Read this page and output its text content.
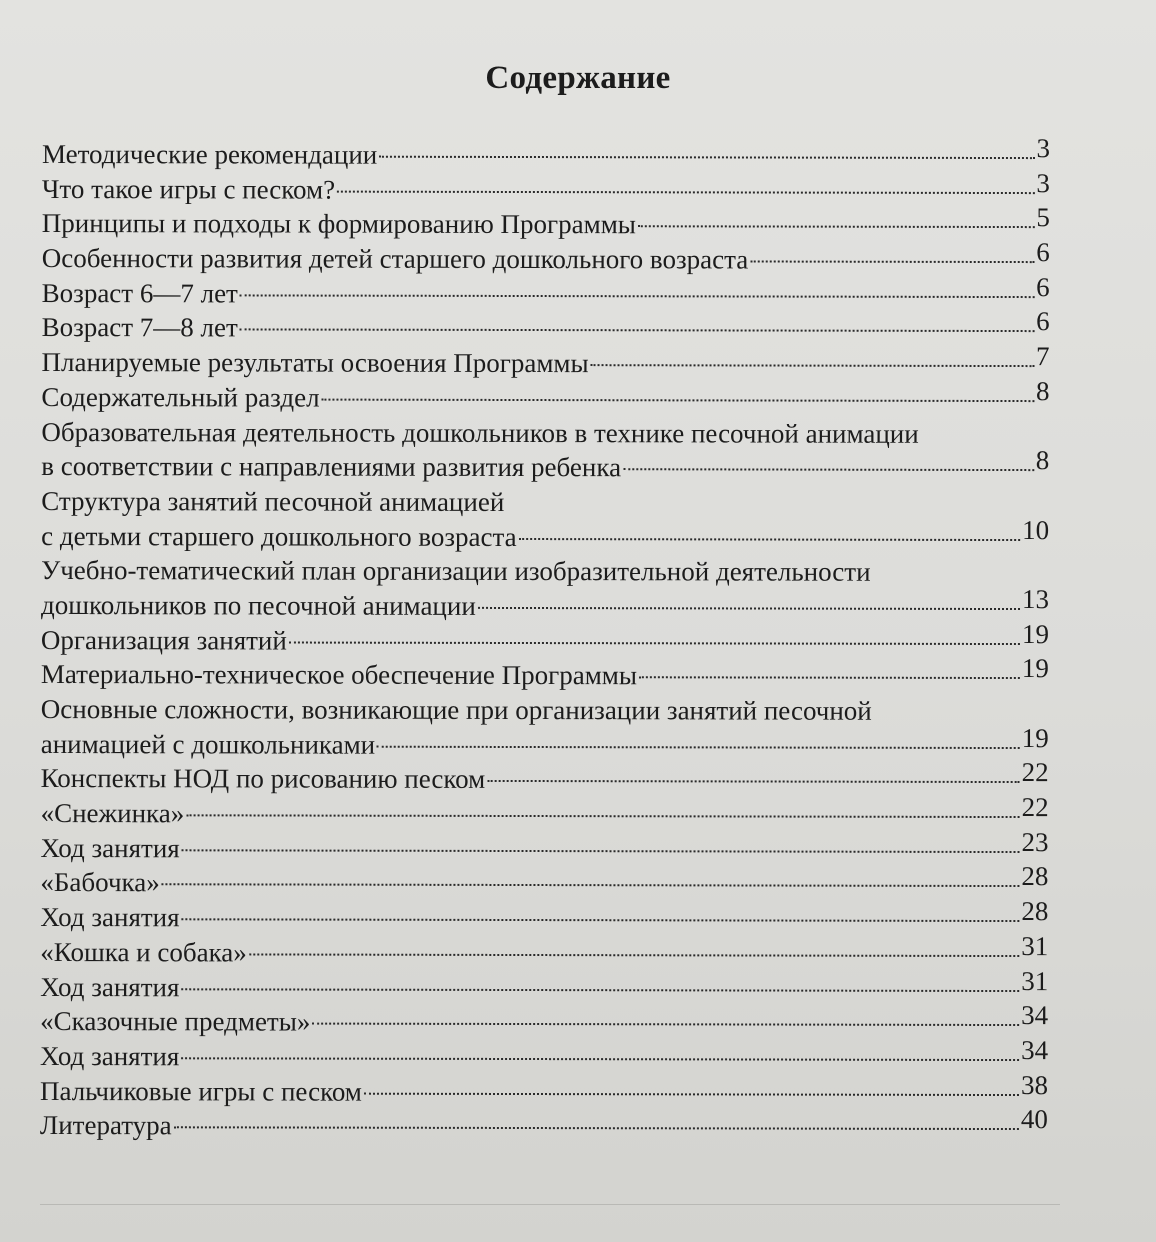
Содержание
Методические рекомендации	3
Что такое игры с песком?	3
Принципы и подходы к формированию Программы	5
Особенности развития детей старшего дошкольного возраста	6
Возраст 6—7 лет	6
Возраст 7—8 лет	6
Планируемые результаты освоения Программы	7
Содержательный раздел	8
Образовательная деятельность дошкольников в технике песочной анимации
в соответствии с направлениями развития ребенка	8
Структура занятий песочной анимацией
с детьми старшего дошкольного возраста	10
Учебно-тематический план организации изобразительной деятельности
дошкольников по песочной анимации	13
Организация занятий	19
Материально-техническое обеспечение Программы	19
Основные сложности, возникающие при организации занятий песочной
анимацией с дошкольниками	19
Конспекты НОД по рисованию песком	22
«Снежинка»	22
Ход занятия	23
«Бабочка»	28
Ход занятия	28
«Кошка и собака»	31
Ход занятия	31
«Сказочные предметы»	34
Ход занятия	34
Пальчиковые игры с песком	38
Литература	40
